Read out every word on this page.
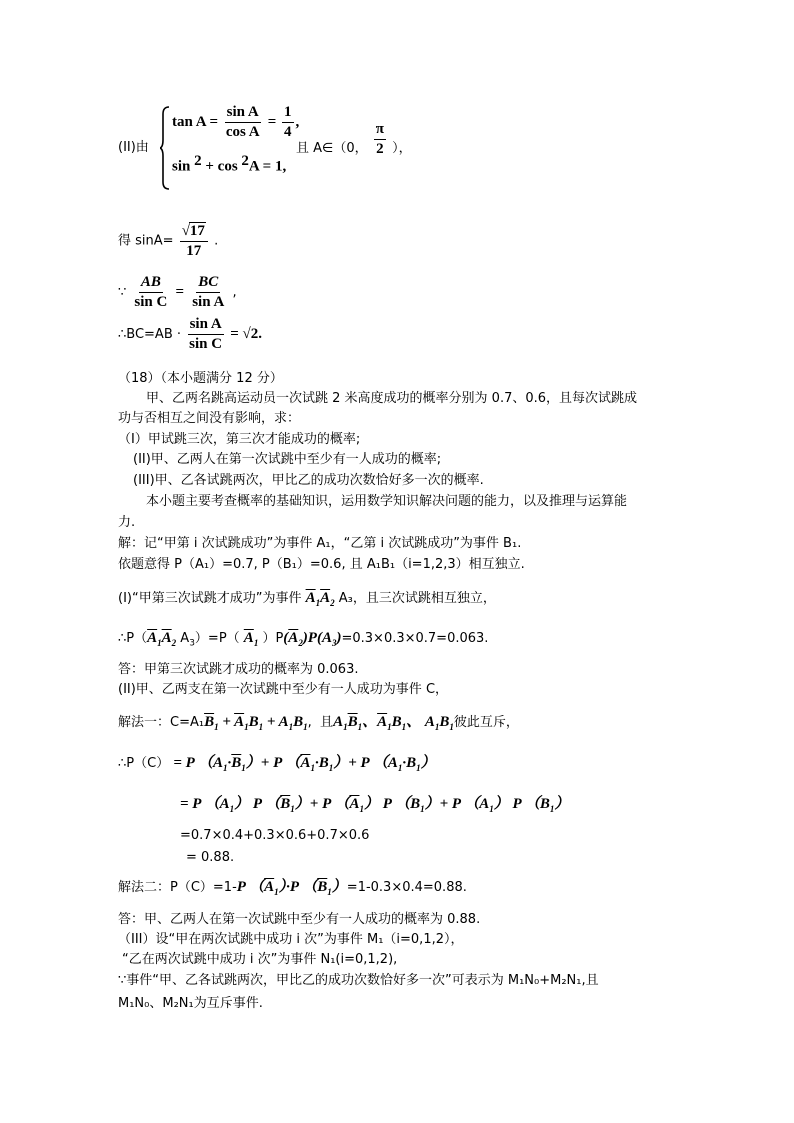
(II)由
$\tan A = \frac{\text{sin A}}{\text{cos A}} = \frac{1}{4}$ ,
sin $^2$ + cos $^2$A = 1,
且 A∈（0， $\frac{\pi}{2}$ ），
得 $\sin A= \frac{√17}{17}$ .
∵ $\frac{AB}{\text{sin C}} = \frac{BC}{\text{sin A}}$ ,
∴BC=AB · $\frac{\text{sin A}}{\text{sin C}} = √2$.
（18）（本小题满分 12 分）
甲、乙两名跳高运动员一次试跳 2 米高度成功的概率分别为 0.7、0.6，且每次试跳成
功与否相互之间没有影响，求：
（I）甲试跳三次，第三次才能成功的概率;
(II)甲、乙两人在第一次试跳中至少有一人成功的概率;
(III)甲、乙各试跳两次，甲比乙的成功次数恰好多一次的概率.
本小题主要考查概率的基础知识，运用数学知识解决问题的能力，以及推理与运算能
力.
解：记“甲第 i 次试跳成功”为事件 A₁，“乙第 i 次试跳成功”为事件 B₁.
依题意得 P（A₁）=0.7, P（B₁）=0.6, 且 A₁B₁（i=1,2,3）相互独立.
(I)“甲第三次试跳才成功”为事件 $\overline{A}_1\overline{A}_2$ A₃，且三次试跳相互独立，
$\therefore P(\overline{A}_1\overline{A}_2$ $A_3)=P$（ $\overline{A}_1$ ）$P(\overline{A}_2)P(A_3)=0.3\times 0.3\times 0.7=0.063$.
答：甲第三次试跳才成功的概率为 0.063.
(II)甲、乙两支在第一次试跳中至少有一人成功为事件 C，
解法一：$C=A_1\overline{B}_1 + \overline{A}_1B_1 + A_1B_1$,  且$A_1\overline{B}_1$、$\overline{A}_1B_1$、 $A_1B_1$彼此互斥，
∴P（C） = P $(A_1\cdot\overline{B}_1)+ P$ $(\overline{A}_1\cdot B_1)+ P$ $(A_1\cdot B_1)$
= P $(A_1)$ P $(\overline{B}_1)+ P$ $(\overline{A}_1)$ P $(B_1)+ P$ $(A_1)$ P $(B_1)$
=0.7×0.4+0.3×0.6+0.7×0.6
= 0.88.
解法二：P（C）=1-P $(\overline{A}_1)\cdot P$ $(\overline{B}_1)=1-0.3\times 0.4=0.88$.
答：甲、乙两人在第一次试跳中至少有一人成功的概率为 0.88.
（III）设“甲在两次试跳中成功 i 次”为事件 M₁（i=0,1,2），
“乙在两次试跳中成功 i 次”为事件 N₁(i=0,1,2),
∵事件“甲、乙各试跳两次，甲比乙的成功次数恰好多一次”可表示为 M₁N₀+M₂N₁,且
M₁N₀、M₂N₁为互斥事件.
